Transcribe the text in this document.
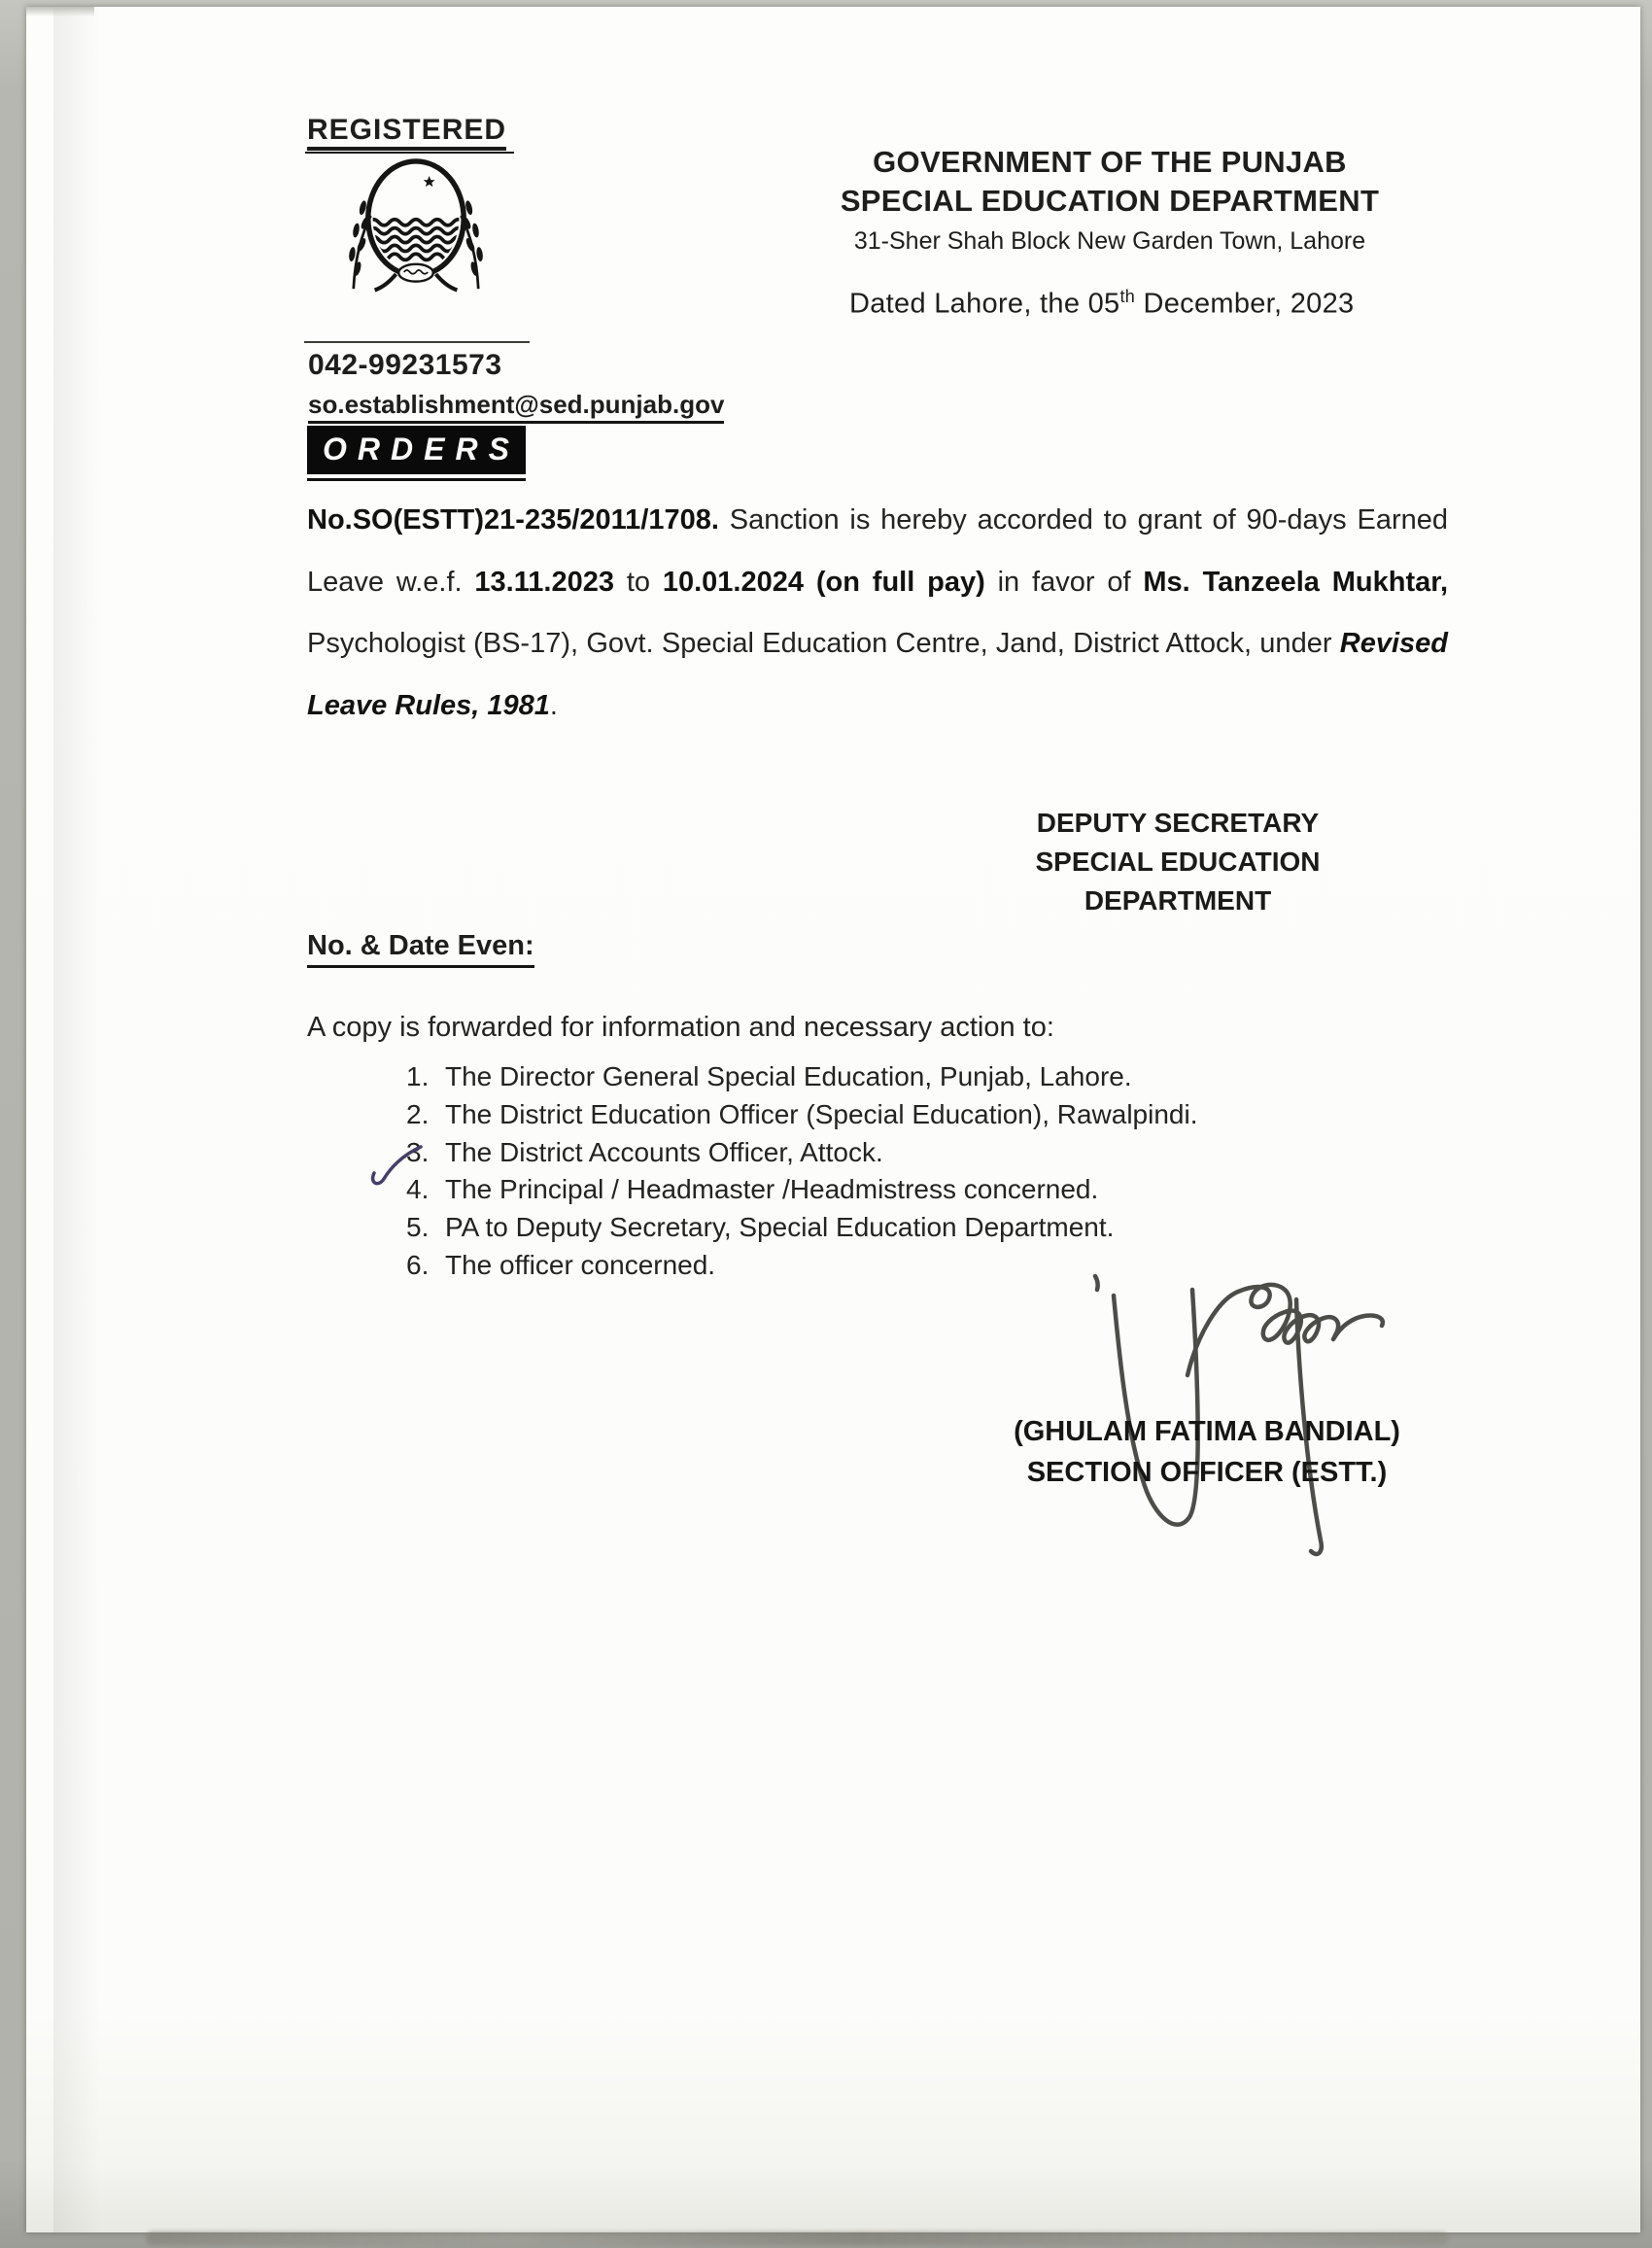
REGISTERED
042-99231573
so.establishment@sed.punjab.gov
GOVERNMENT OF THE PUNJAB
SPECIAL EDUCATION DEPARTMENT
31-Sher Shah Block New Garden Town, Lahore
Dated Lahore, the 05th December, 2023
ORDERS
No.SO(ESTT)21-235/2011/1708. Sanction is hereby accorded to grant of 90-days Earned Leave w.e.f. 13.11.2023 to 10.01.2024 (on full pay) in favor of Ms. Tanzeela Mukhtar, Psychologist (BS-17), Govt. Special Education Centre, Jand, District Attock, under Revised Leave Rules, 1981.
DEPUTY SECRETARY
SPECIAL EDUCATION
DEPARTMENT
No. & Date Even:
A copy is forwarded for information and necessary action to:
1. The Director General Special Education, Punjab, Lahore.
2. The District Education Officer (Special Education), Rawalpindi.
3. The District Accounts Officer, Attock.
4. The Principal / Headmaster /Headmistress concerned.
5. PA to Deputy Secretary, Special Education Department.
6. The officer concerned.
(GHULAM FATIMA BANDIAL)
SECTION OFFICER (ESTT.)
